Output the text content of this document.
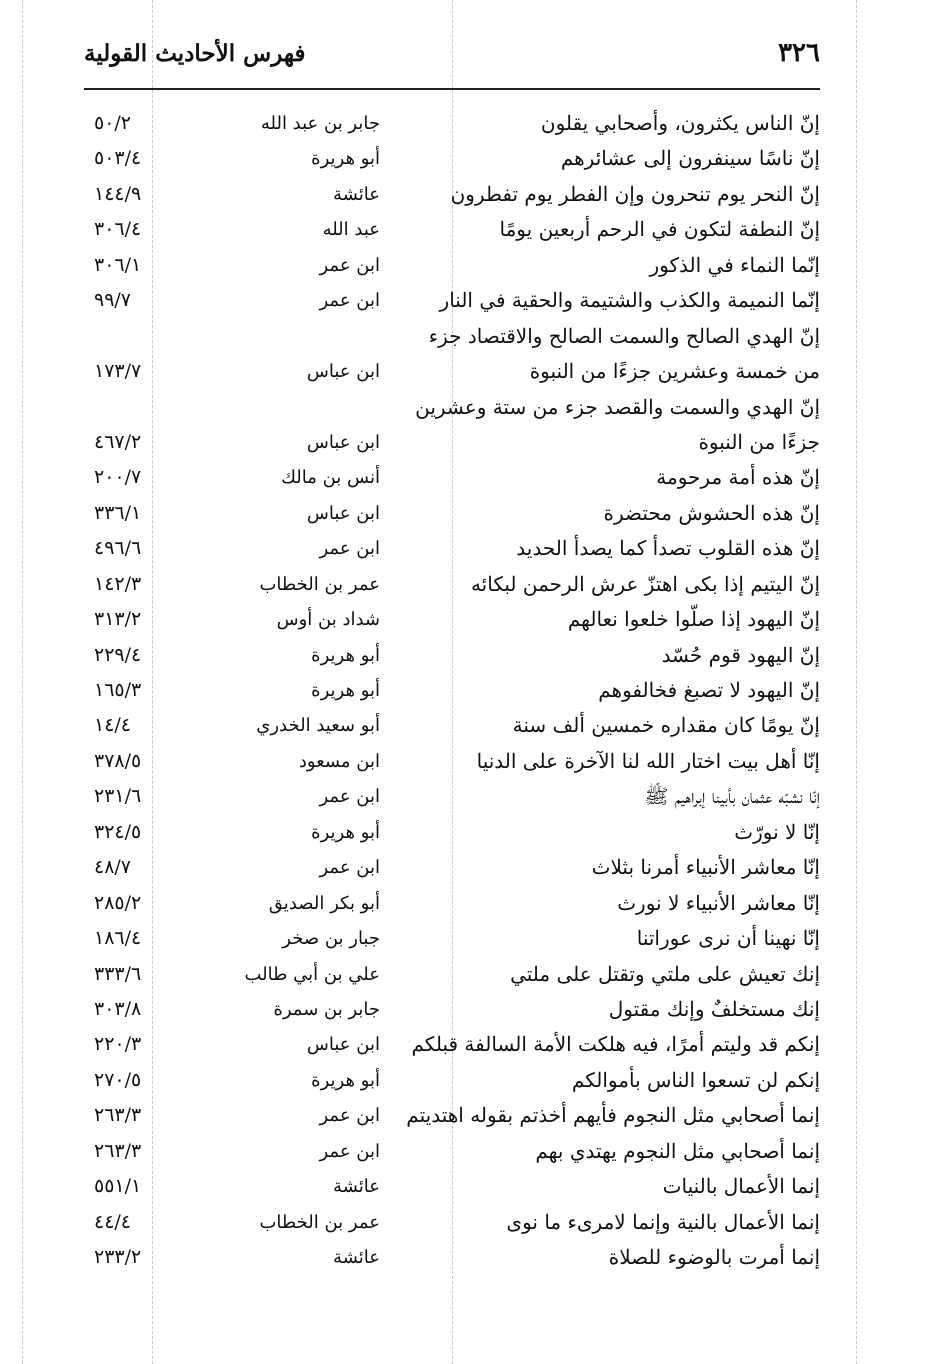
٣٢٦
فهرس الأحاديث القولية
إنّ الناس يكثرون، وأصحابي يقلون
جابر بن عبد الله
٥٠/٢
إنّ ناسًا سينفرون إلى عشائرهم
أبو هريرة
٥٠٣/٤
إنّ النحر يوم تنحرون وإن الفطر يوم تفطرون
عائشة
١٤٤/٩
إنّ النطفة لتكون في الرحم أربعين يومًا
عبد الله
٣٠٦/٤
إنّما النماء في الذكور
ابن عمر
٣٠٦/١
إنّما النميمة والكذب والشتيمة والحقية في النار
ابن عمر
٩٩/٧
إنّ الهدي الصالح والسمت الصالح والاقتصاد جزء
من خمسة وعشرين جزءًا من النبوة
ابن عباس
١٧٣/٧
إنّ الهدي والسمت والقصد جزء من ستة وعشرين
جزءًا من النبوة
ابن عباس
٤٦٧/٢
إنّ هذه أمة مرحومة
أنس بن مالك
٢٠٠/٧
إنّ هذه الحشوش محتضرة
ابن عباس
٣٣٦/١
إنّ هذه القلوب تصدأ كما يصدأ الحديد
ابن عمر
٤٩٦/٦
إنّ اليتيم إذا بكى اهتزّ عرش الرحمن لبكائه
عمر بن الخطاب
١٤٢/٣
إنّ اليهود إذا صلّوا خلعوا نعالهم
شداد بن أوس
٣١٣/٢
إنّ اليهود قوم حُسّد
أبو هريرة
٢٢٩/٤
إنّ اليهود لا تصبغ فخالفوهم
أبو هريرة
١٦٥/٣
إنّ يومًا كان مقداره خمسين ألف سنة
أبو سعيد الخدري
١٤/٤
إنّا أهل بيت اختار الله لنا الآخرة على الدنيا
ابن مسعود
٣٧٨/٥
إنّا نشبّه عثمان بأبينا إبراهيم ﷺ
ابن عمر
٢٣١/٦
إنّا لا نورّث
أبو هريرة
٣٢٤/٥
إنّا معاشر الأنبياء أمرنا بثلاث
ابن عمر
٤٨/٧
إنّا معاشر الأنبياء لا نورث
أبو بكر الصديق
٢٨٥/٢
إنّا نهينا أن نرى عوراتنا
جبار بن صخر
١٨٦/٤
إنك تعيش على ملتي وتقتل على ملتي
علي بن أبي طالب
٣٣٣/٦
إنك مستخلفٌ وإنك مقتول
جابر بن سمرة
٣٠٣/٨
إنكم قد وليتم أمرًا، فيه هلكت الأمة السالفة قبلكم
ابن عباس
٢٢٠/٣
إنكم لن تسعوا الناس بأموالكم
أبو هريرة
٢٧٠/٥
إنما أصحابي مثل النجوم فأيهم أخذتم بقوله اهتديتم
ابن عمر
٢٦٣/٣
إنما أصحابي مثل النجوم يهتدي بهم
ابن عمر
٢٦٣/٣
إنما الأعمال بالنيات
عائشة
٥٥١/١
إنما الأعمال بالنية وإنما لامرىء ما نوى
عمر بن الخطاب
٤٤/٤
إنما أمرت بالوضوء للصلاة
عائشة
٢٣٣/٢
